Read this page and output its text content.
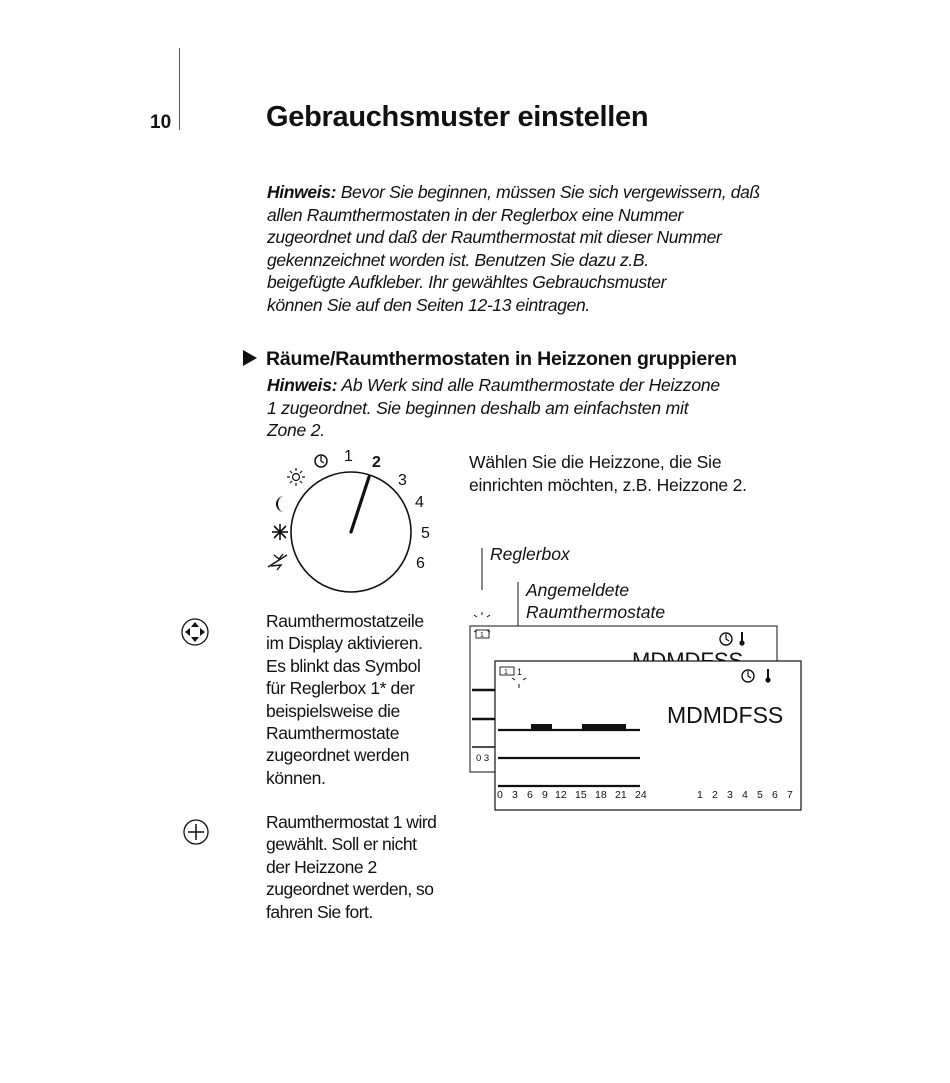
10	Gebrauchsmuster einstellen
Hinweis: Bevor Sie beginnen, müssen Sie sich vergewissern, daß
allen Raumthermostaten in der Reglerbox eine Nummer
zugeordnet und daß der Raumthermostat mit dieser Nummer
gekennzeichnet worden ist. Benutzen Sie dazu z.B.
beigefügte Aufkleber. Ihr gewähltes Gebrauchsmuster
können Sie auf den Seiten 12-13 eintragen.
Räume/Raumthermostaten in Heizzonen gruppieren
Hinweis: Ab Werk sind alle Raumthermostate der Heizzone
1 zugeordnet. Sie beginnen deshalb am einfachsten mit
Zone 2.
1 2
3
4
5
6
Wählen Sie die Heizzone, die Sie
einrichten möchten, z.B. Heizzone 2.
1
0 3
1 1
MDMDFSS
0 3 6 9 12 15 18 21 24	1 2 3 4 5 6 7
Reglerbox
Angemeldete
Raumthermostate
Raumthermostatzeile
im Display aktivieren.
Es blinkt das Symbol
für Reglerbox 1* der
beispielsweise die
Raumthermostate
zugeordnet werden
können.
Raumthermostat 1 wird
gewählt. Soll er nicht
der Heizzone 2
zugeordnet werden, so
fahren Sie fort.
